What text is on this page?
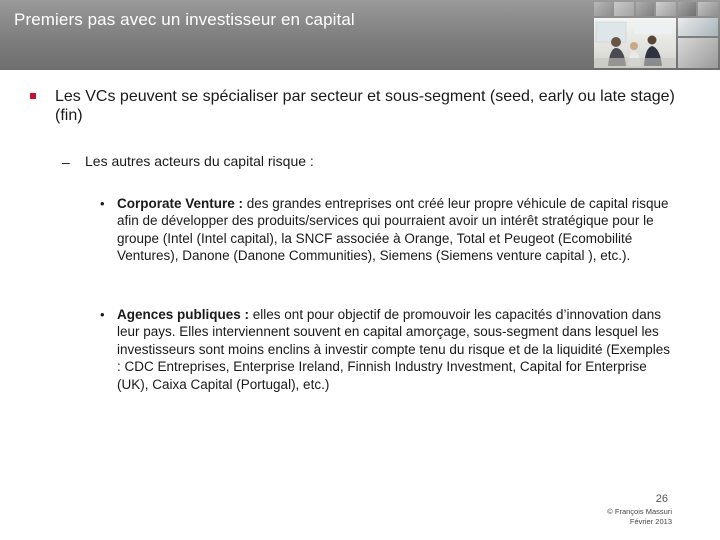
Premiers pas avec un investisseur en capital
Les VCs peuvent se spécialiser par secteur et sous-segment (seed, early ou late stage) (fin)
– Les autres acteurs du capital risque :
• Corporate Venture : des grandes entreprises ont créé leur propre véhicule de capital risque afin de développer des produits/services qui pourraient avoir un intérêt stratégique pour le groupe (Intel (Intel capital), la SNCF associée à Orange, Total et Peugeot (Ecomobilité Ventures), Danone (Danone Communities), Siemens (Siemens venture capital ), etc.).
• Agences publiques : elles ont pour objectif de promouvoir les capacités d’innovation dans leur pays. Elles interviennent souvent en capital amorçage, sous-segment dans lesquel les investisseurs sont moins enclins à investir compte tenu du risque et de la liquidité (Exemples : CDC Entreprises, Enterprise Ireland, Finnish Industry Investment, Capital for Enterprise (UK), Caixa Capital (Portugal), etc.)
26
© François Massuri
Février 2013
